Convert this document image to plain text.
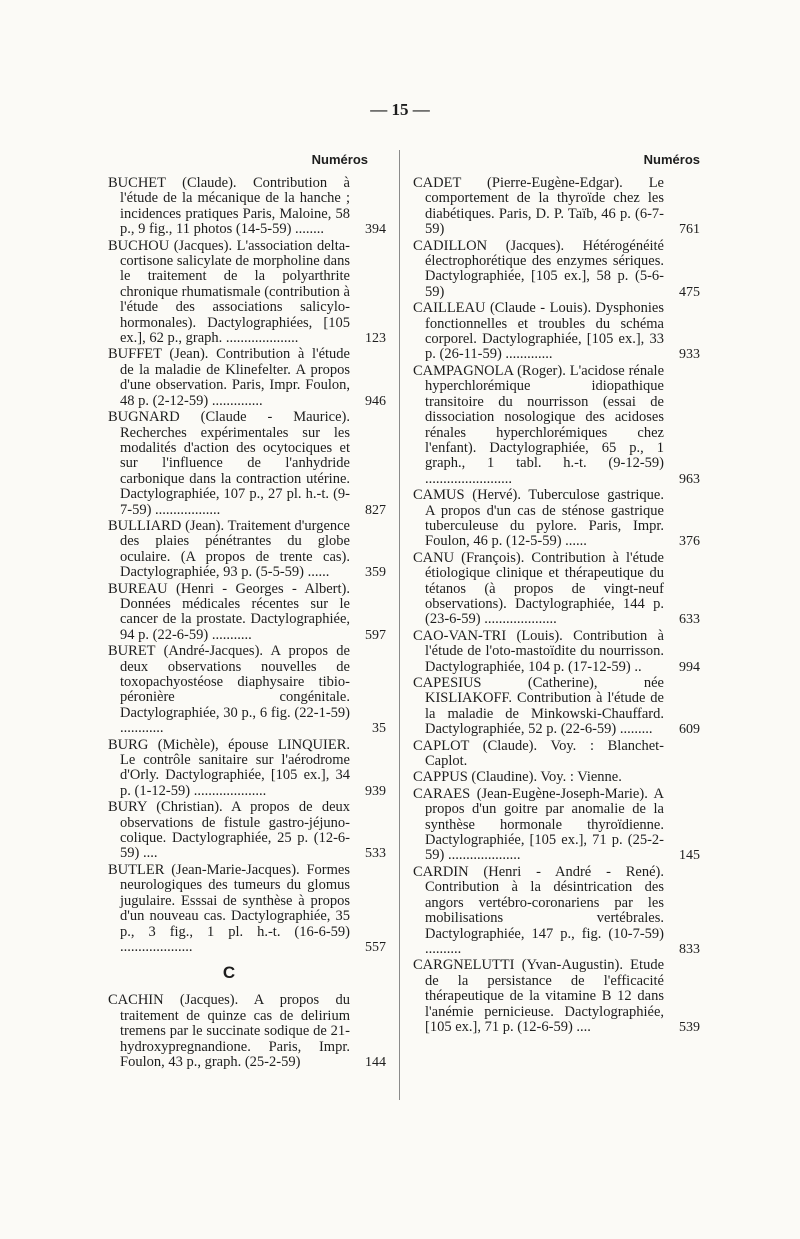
— 15 —
Numéros	Numéros
BUCHET (Claude). Contribution à l'étude de la mécanique de la hanche ; incidences pratiques Paris, Maloine, 58 p., 9 fig., 11 photos (14-5-59) ........	394
BUCHOU (Jacques). L'association delta-cortisone salicylate de morpholine dans le traitement de la polyarthrite chronique rhumatismale (contribution à l'étude des associations salicylo-hormonales). Dactylographiées, [105 ex.], 62 p., graph. ....................	123
BUFFET (Jean). Contribution à l'étude de la maladie de Klinefelter. A propos d'une observation. Paris, Impr. Foulon, 48 p. (2-12-59) ..............	946
BUGNARD (Claude - Maurice). Recherches expérimentales sur les modalités d'action des ocytociques et sur l'influence de l'anhydride carbonique dans la contraction utérine. Dactylographiée, 107 p., 27 pl. h.-t. (9-7-59) ..................	827
BULLIARD (Jean). Traitement d'urgence des plaies pénétrantes du globe oculaire. (A propos de trente cas). Dactylographiée, 93 p. (5-5-59) ......	359
BUREAU (Henri - Georges - Albert). Données médicales récentes sur le cancer de la prostate. Dactylographiée, 94 p. (22-6-59) ...........	597
BURET (André-Jacques). A propos de deux observations nouvelles de toxopachyostéose diaphysaire tibio-péronière congénitale. Dactylographiée, 30 p., 6 fig. (22-1-59) ............	35
BURG (Michèle), épouse LINQUIER. Le contrôle sanitaire sur l'aérodrome d'Orly. Dactylographiée, [105 ex.], 34 p. (1-12-59) ....................	939
BURY (Christian). A propos de deux observations de fistule gastro-jéjuno-colique. Dactylographiée, 25 p. (12-6-59) ....	533
BUTLER (Jean-Marie-Jacques). Formes neurologiques des tumeurs du glomus jugulaire. Esssai de synthèse à propos d'un nouveau cas. Dactylographiée, 35 p., 3 fig., 1 pl. h.-t. (16-6-59) ....................	557
C
CACHIN (Jacques). A propos du traitement de quinze cas de delirium tremens par le succinate sodique de 21-hydroxypregnandione. Paris, Impr. Foulon, 43 p., graph. (25-2-59)	144
CADET (Pierre-Eugène-Edgar). Le comportement de la thyroïde chez les diabétiques. Paris, D. P. Taïb, 46 p. (6-7-59)	761
CADILLON (Jacques). Hétérogénéité électrophorétique des enzymes sériques. Dactylographiée, [105 ex.], 58 p. (5-6-59)	475
CAILLEAU (Claude - Louis). Dysphonies fonctionnelles et troubles du schéma corporel. Dactylographiée, [105 ex.], 33 p. (26-11-59) .............	933
CAMPAGNOLA (Roger). L'acidose rénale hyperchlorémique idiopathique transitoire du nourrisson (essai de dissociation nosologique des acidoses rénales hyperchlorémiques chez l'enfant). Dactylographiée, 65 p., 1 graph., 1 tabl. h.-t. (9-12-59) ........................	963
CAMUS (Hervé). Tuberculose gastrique. A propos d'un cas de sténose gastrique tuberculeuse du pylore. Paris, Impr. Foulon, 46 p. (12-5-59) ......	376
CANU (François). Contribution à l'étude étiologique clinique et thérapeutique du tétanos (à propos de vingt-neuf observations). Dactylographiée, 144 p. (23-6-59) ....................	633
CAO-VAN-TRI (Louis). Contribution à l'étude de l'oto-mastoïdite du nourrisson. Dactylographiée, 104 p. (17-12-59) ..	994
CAPESIUS (Catherine), née KISLIAKOFF. Contribution à l'étude de la maladie de Minkowski-Chauffard. Dactylographiée, 52 p. (22-6-59) .........	609
CAPLOT (Claude). Voy. : Blanchet-Caplot.
CAPPUS (Claudine). Voy. : Vienne.
CARAES (Jean-Eugène-Joseph-Marie). A propos d'un goitre par anomalie de la synthèse hormonale thyroïdienne. Dactylographiée, [105 ex.], 71 p. (25-2-59) ....................	145
CARDIN (Henri - André - René). Contribution à la désintrication des angors vertébro-coronariens par les mobilisations vertébrales. Dactylographiée, 147 p., fig. (10-7-59) ..........	833
CARGNELUTTI (Yvan-Augustin). Etude de la persistance de l'efficacité thérapeutique de la vitamine B 12 dans l'anémie pernicieuse. Dactylographiée, [105 ex.], 71 p. (12-6-59) ....	539
